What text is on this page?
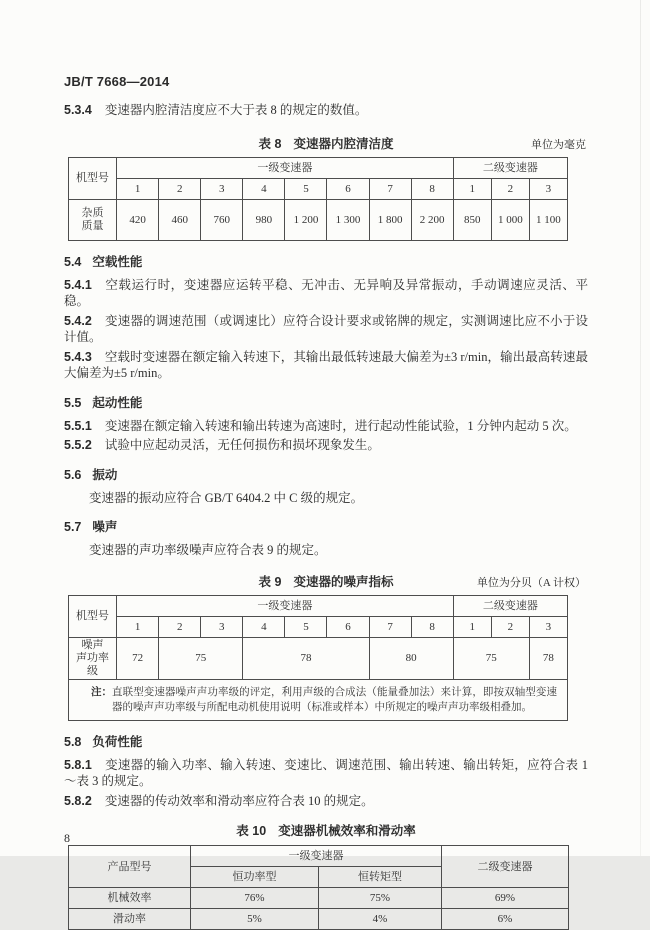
JB/T 7668—2014

5.3.4 变速器内腔清洁度应不大于表 8 的规定的数值。

表 8 变速器内腔清洁度	单位为毫克
机型号	一级变速器								二级变速器		
	1	2	3	4	5	6	7	8	1	2	3

杂质
质量	420	460	760	980	1 200	1 300	1 800	2 200	850	1 000	1 100
5.4 空载性能

5.4.1 空载运行时，变速器应运转平稳、无冲击、无异响及异常振动，手动调速应灵活、平稳。

5.4.2 变速器的调速范围（或调速比）应符合设计要求或铭牌的规定，实测调速比应不小于设计值。

5.4.3 空载时变速器在额定输入转速下，其输出最低转速最大偏差为±3 r/min，输出最高转速最大偏差为±5 r/min。

5.5 起动性能

5.5.1 变速器在额定输入转速和输出转速为高速时，进行起动性能试验，1 分钟内起动 5 次。

5.5.2 试验中应起动灵活，无任何损伤和损坏现象发生。

5.6 振动

变速器的振动应符合 GB/T 6404.2 中 C 级的规定。

5.7 噪声

变速器的声功率级噪声应符合表 9 的规定。

表 9 变速器的噪声指标	单位为分贝（A 计权）
机型号	一级变速器								二级变速器		
	1	2	3	4	5	6	7	8	1	2	3

噪声
声功率级	72	75		78			80		75		78

注： 直联型变速器噪声声功率级的评定，利用声级的合成法（能量叠加法）来计算，即按双轴型变速器的噪声声功率级与所配电动机使用说明（标准或样本）中所规定的噪声声功率级相叠加。											
5.8 负荷性能

5.8.1 变速器的输入功率、输入转速、变速比、调速范围、输出转速、输出转矩，应符合表 1～表 3 的规定。

5.8.2 变速器的传动效率和滑动率应符合表 10 的规定。

表 10 变速器机械效率和滑动率
产品型号	一级变速器		二级变速器
	恒功率型	恒转矩型	
机械效率	76%	75%	69%
滑动率	5%	4%	6%
8
